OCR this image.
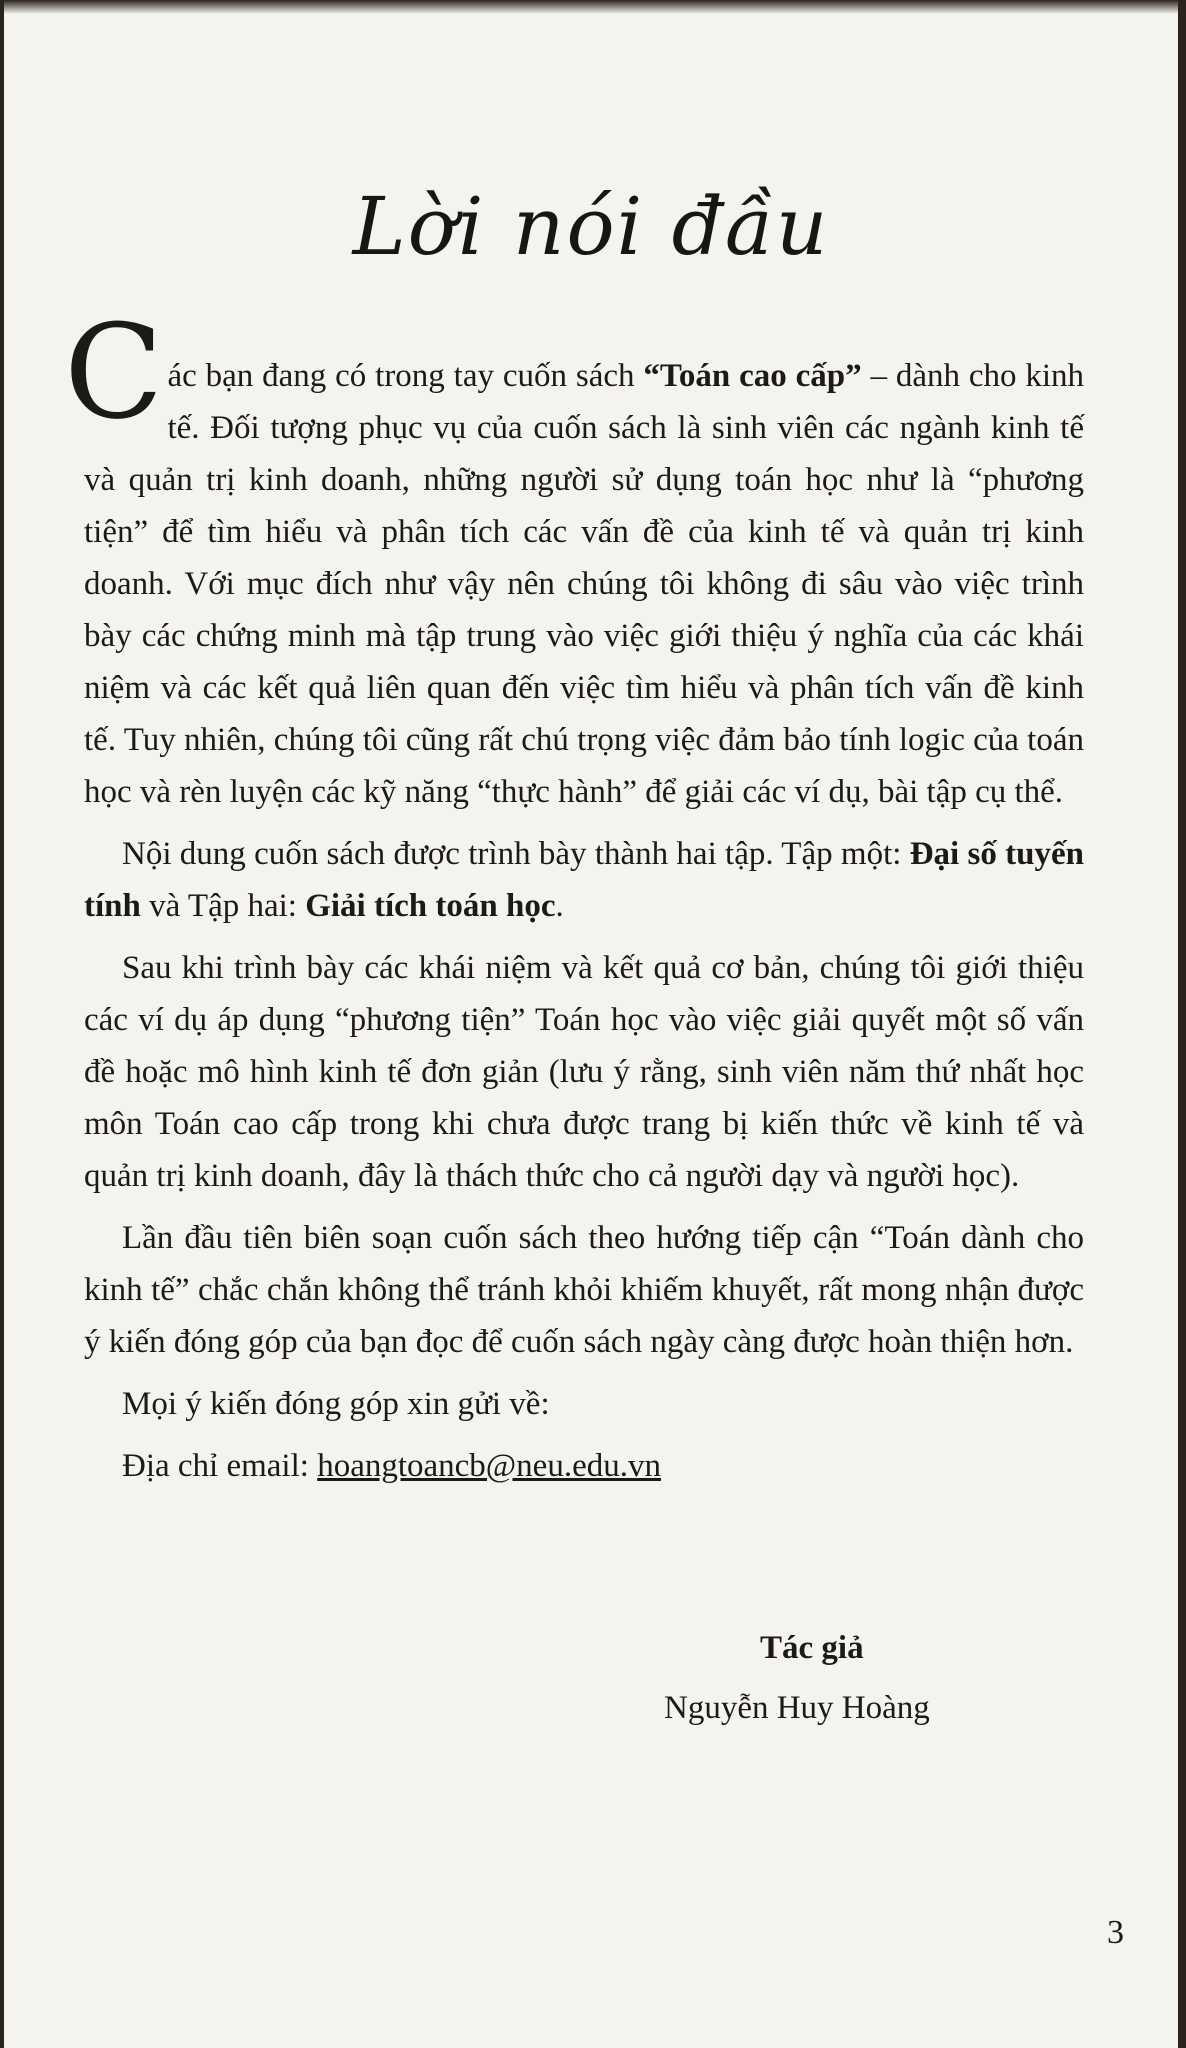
Lời nói đầu

C ác bạn đang có trong tay cuốn sách “Toán cao cấp” – dành cho kinh tế. Đối tượng phục vụ của cuốn sách là sinh viên các ngành kinh tế và quản trị kinh doanh, những người sử dụng toán học như là “phương tiện” để tìm hiểu và phân tích các vấn đề của kinh tế và quản trị kinh doanh. Với mục đích như vậy nên chúng tôi không đi sâu vào việc trình bày các chứng minh mà tập trung vào việc giới thiệu ý nghĩa của các khái niệm và các kết quả liên quan đến việc tìm hiểu và phân tích vấn đề kinh tế. Tuy nhiên, chúng tôi cũng rất chú trọng việc đảm bảo tính logic của toán học và rèn luyện các kỹ năng “thực hành” để giải các ví dụ, bài tập cụ thể.

Nội dung cuốn sách được trình bày thành hai tập. Tập một: Đại số tuyến tính và Tập hai: Giải tích toán học.

Sau khi trình bày các khái niệm và kết quả cơ bản, chúng tôi giới thiệu các ví dụ áp dụng “phương tiện” Toán học vào việc giải quyết một số vấn đề hoặc mô hình kinh tế đơn giản (lưu ý rằng, sinh viên năm thứ nhất học môn Toán cao cấp trong khi chưa được trang bị kiến thức về kinh tế và quản trị kinh doanh, đây là thách thức cho cả người dạy và người học).

Lần đầu tiên biên soạn cuốn sách theo hướng tiếp cận “Toán dành cho kinh tế” chắc chắn không thể tránh khỏi khiếm khuyết, rất mong nhận được ý kiến đóng góp của bạn đọc để cuốn sách ngày càng được hoàn thiện hơn.

Mọi ý kiến đóng góp xin gửi về:

Địa chỉ email: hoangtoancb@neu.edu.vn

Tác giả
Nguyễn Huy Hoàng
3
